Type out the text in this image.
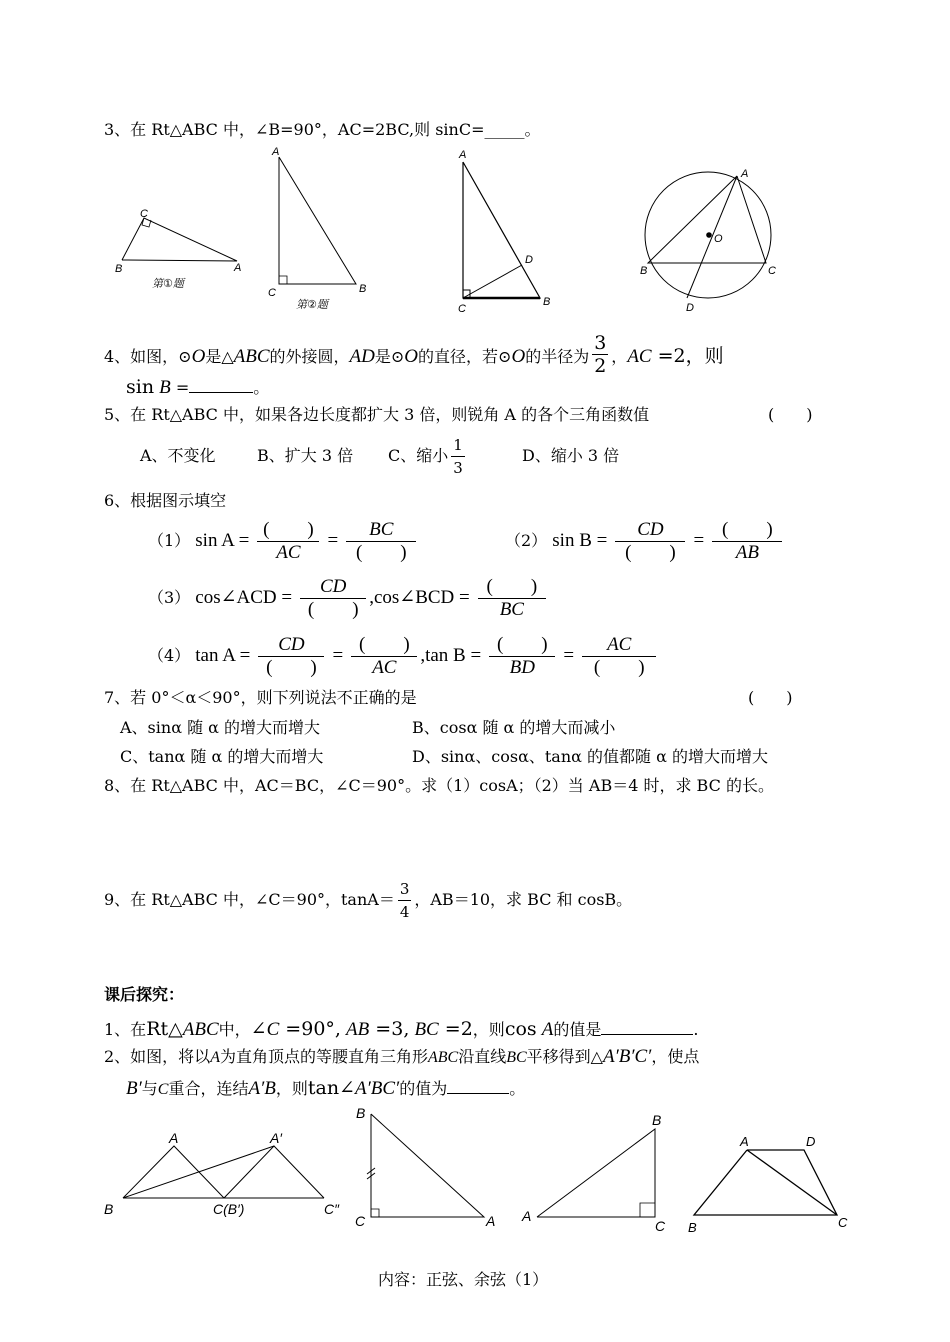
3、在 Rt△ABC 中，∠B=90°，AC=2BC,则 sinC=_____。
C
B	A
第①题
A
C	B
第②题
A
D
C
B
A
O
B	C
D
4、如图，⊙O是△ABC的外接圆，AD是⊙O的直径，若⊙O的半径为 $\frac{3}{2}$ ，AC =2，则
sin B =	。
5、在 Rt△ABC 中，如果各边长度都扩大 3 倍，则锐角 A 的各个三角函数值	(　　)
A、不变化	B、扩大 3 倍 C、缩小 $\frac{1}{3}$	D、缩小 3 倍
6、根据图示填空
（1） $\sin A = \frac{( )}{AC} = \frac{BC}{( )}$	（2） $\sin B = \frac{CD}{( )} = \frac{( )}{AB}$
（3） cos∠ACD = $\frac{CD}{( )}$ ,cos∠BCD = $\frac{( )}{BC}$
（4） $\tan A = \frac{CD}{( )} = \frac{( )}{AC} ,\tan$ $B = \frac{( )}{BD} = \frac{AC}{( )}$
7、若 0°＜α＜90°，则下列说法不正确的是	(　　)
A、sinα 随 α 的增大而增大	B、cosα 随 α 的增大而减小
C、tanα 随 α 的增大而增大	D、sinα、cosα、tanα 的值都随 α 的增大而增大
8、在 Rt△ABC 中，AC＝BC，∠C＝90°。求（1）cosA；（2）当 AB＝4 时，求 BC 的长。
9、在 Rt△ABC 中，∠C＝90°，$\tan A= \frac{3}{4}$ ，AB＝10，求 BC 和 cosB。
课后探究：
1、在Rt△ABC中，∠C =90°, AB =3, BC =2，则cos A的值是	.
2、如图，将以A为直角顶点的等腰直角三角形ABC沿直线BC平移得到△A′B′C′，使点
B′与C重合，连结A′B，则tan∠A′BC′的值为	。
A	A′
B	C(B′)	C″
B
C	A
B
A
C
A	D
B	C
内容：正弦、余弦（1）
